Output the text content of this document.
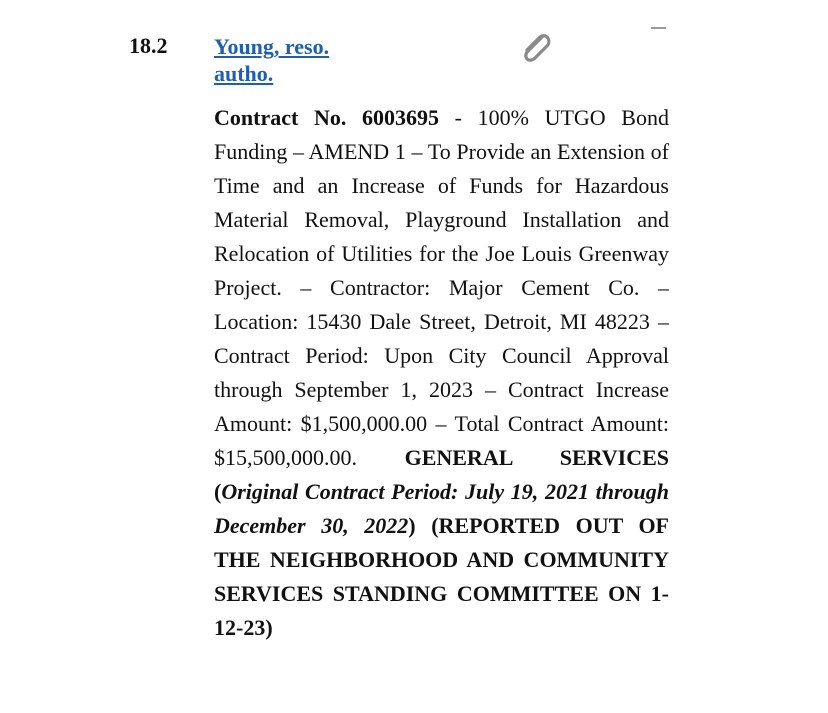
18.2 Young, reso.
autho.
Contract No. 6003695 - 100% UTGO Bond Funding – AMEND 1 – To Provide an Extension of Time and an Increase of Funds for Hazardous Material Removal, Playground Installation and Relocation of Utilities for the Joe Louis Greenway Project. – Contractor: Major Cement Co. – Location: 15430 Dale Street, Detroit, MI 48223 – Contract Period: Upon City Council Approval through September 1, 2023 – Contract Increase Amount: $1,500,000.00 – Total Contract Amount: $15,500,000.00. GENERAL SERVICES (Original Contract Period: July 19, 2021 through December 30, 2022) (REPORTED OUT OF THE NEIGHBORHOOD AND COMMUNITY SERVICES STANDING COMMITTEE ON 1-12-23)
